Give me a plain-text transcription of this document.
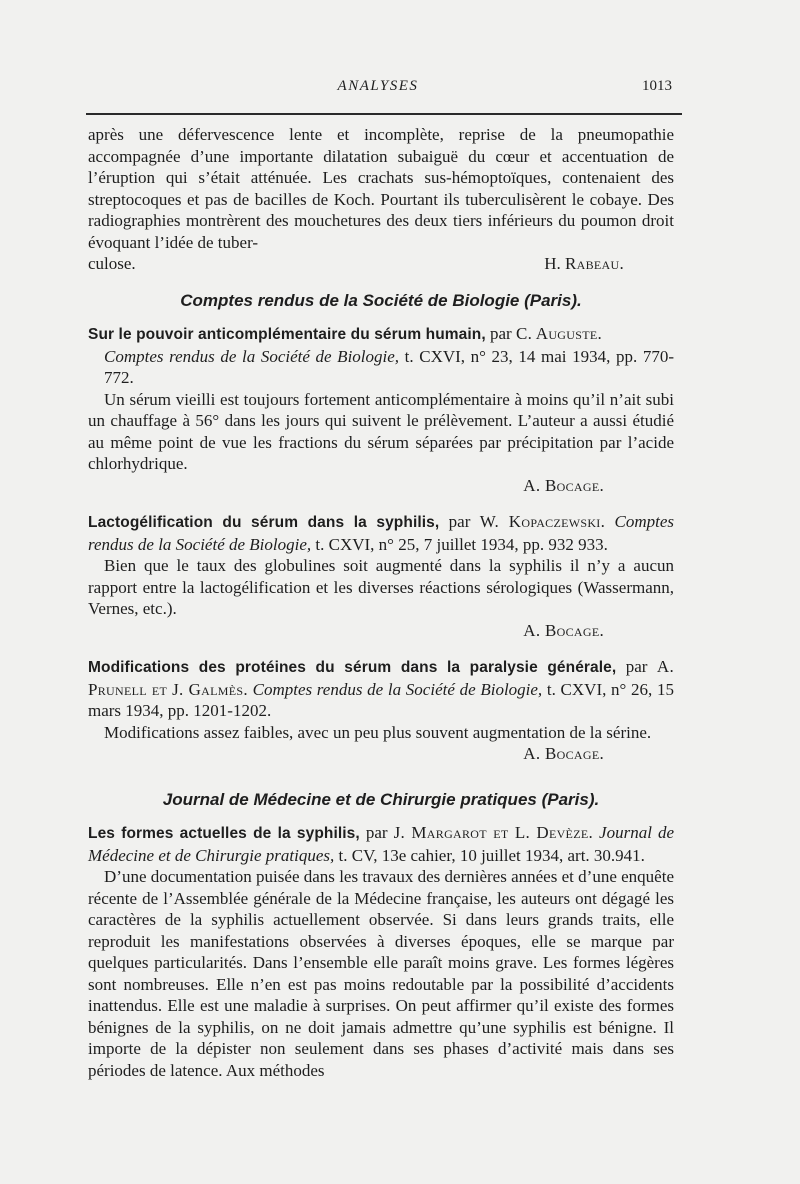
ANALYSES	1013

après une défervescence lente et incomplète, reprise de la pneumopathie accompagnée d’une importante dilatation subaiguë du cœur et accentuation de l’éruption qui s’était atténuée. Les crachats sus-hémoptoïques, contenaient des streptocoques et pas de bacilles de Koch. Pourtant ils tuberculisèrent le cobaye. Des radiographies montrèrent des mouchetures des deux tiers inférieurs du poumon droit évoquant l’idée de tuber-

culose.	H. Rabeau.

Comptes rendus de la Société de Biologie (Paris).

Sur le pouvoir anticomplémentaire du sérum humain, par C. Auguste.

Comptes rendus de la Société de Biologie, t. CXVI, n° 23, 14 mai 1934, pp. 770-772.

Un sérum vieilli est toujours fortement anticomplémentaire à moins qu’il n’ait subi un chauffage à 56° dans les jours qui suivent le prélèvement. L’auteur a aussi étudié au même point de vue les fractions du sérum séparées par précipitation par l’acide chlorhydrique.

A. Bocage.

Lactogélification du sérum dans la syphilis, par W. Kopaczewski. Comptes rendus de la Société de Biologie, t. CXVI, n° 25, 7 juillet 1934, pp. 932 933.

Bien que le taux des globulines soit augmenté dans la syphilis il n’y a aucun rapport entre la lactogélification et les diverses réactions sérologiques (Wassermann, Vernes, etc.).

A. Bocage.

Modifications des protéines du sérum dans la paralysie générale, par A. Prunell et J. Galmès. Comptes rendus de la Société de Biologie, t. CXVI, n° 26, 15 mars 1934, pp. 1201-1202.

Modifications assez faibles, avec un peu plus souvent augmentation de la sérine.

A. Bocage.

Journal de Médecine et de Chirurgie pratiques (Paris).

Les formes actuelles de la syphilis, par J. Margarot et L. Devèze. Journal de Médecine et de Chirurgie pratiques, t. CV, 13e cahier, 10 juillet 1934, art. 30.941.

D’une documentation puisée dans les travaux des dernières années et d’une enquête récente de l’Assemblée générale de la Médecine française, les auteurs ont dégagé les caractères de la syphilis actuellement observée. Si dans leurs grands traits, elle reproduit les manifestations observées à diverses époques, elle se marque par quelques particularités. Dans l’ensemble elle paraît moins grave. Les formes légères sont nombreuses. Elle n’en est pas moins redoutable par la possibilité d’accidents inattendus. Elle est une maladie à surprises. On peut affirmer qu’il existe des formes bénignes de la syphilis, on ne doit jamais admettre qu’une syphilis est bénigne. Il importe de la dépister non seulement dans ses phases d’activité mais dans ses périodes de latence. Aux méthodes
